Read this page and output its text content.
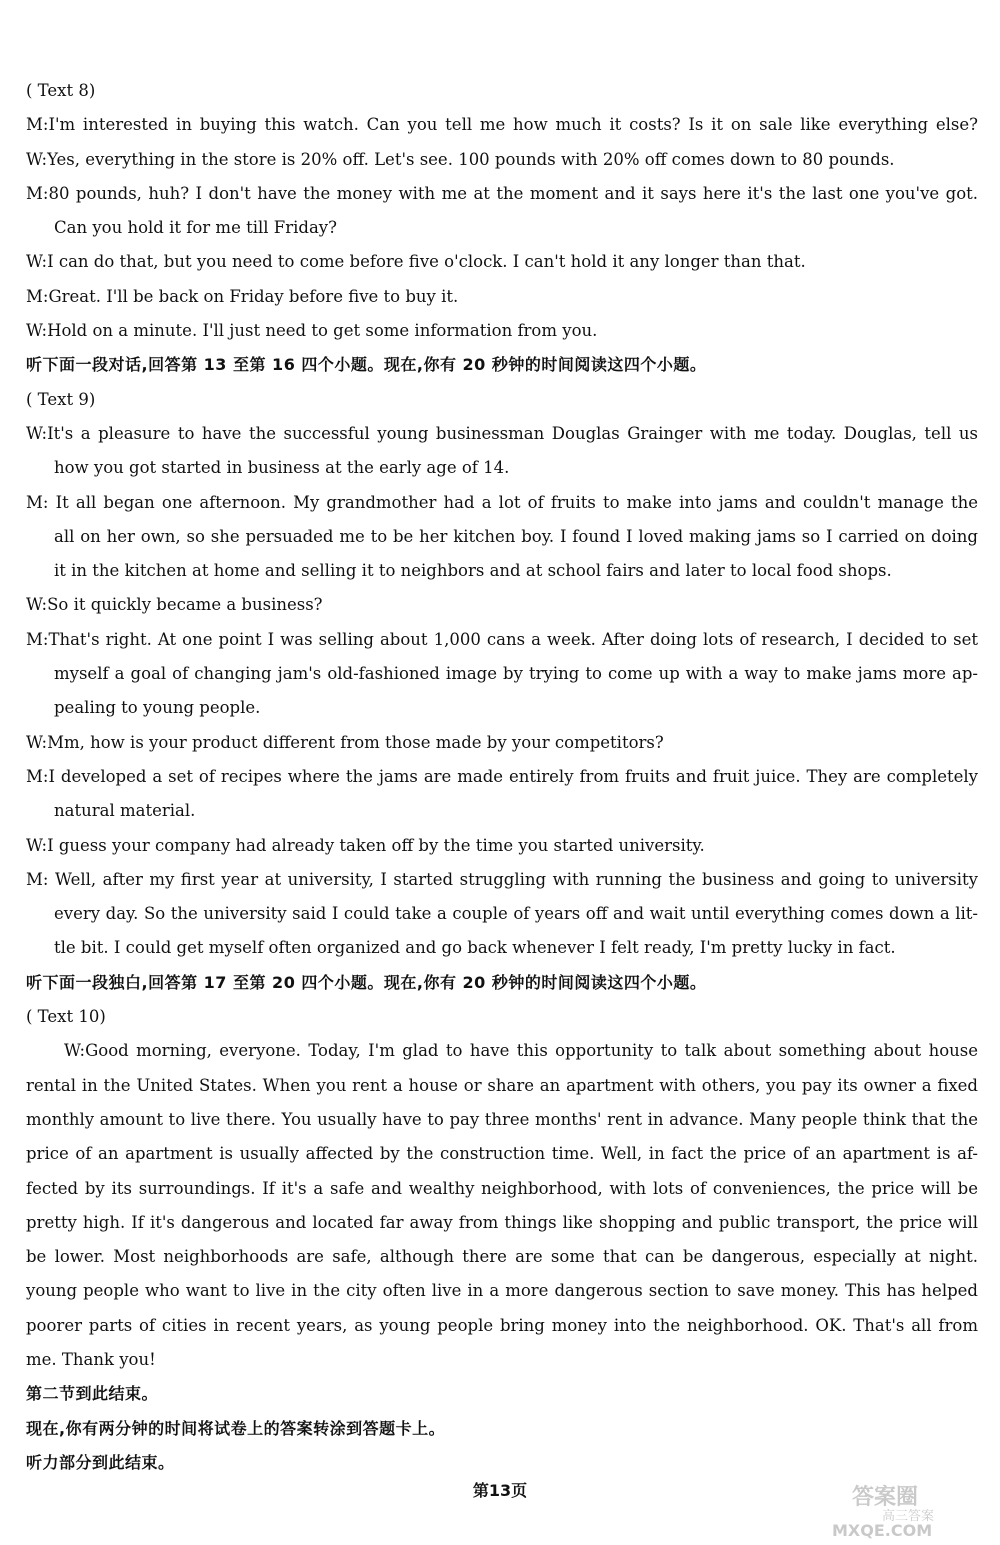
( Text 8)
M:I'm interested in buying this watch. Can you tell me how much it costs? Is it on sale like everything else?
W:Yes, everything in the store is 20% off. Let's see. 100 pounds with 20% off comes down to 80 pounds.
M:80 pounds, huh? I don't have the money with me at the moment and it says here it's the last one you've got.
Can you hold it for me till Friday?
W:I can do that, but you need to come before five o'clock. I can't hold it any longer than that.
M:Great. I'll be back on Friday before five to buy it.
W:Hold on a minute. I'll just need to get some information from you.
听下面一段对话,回答第 13 至第 16 四个小题。现在,你有 20 秒钟的时间阅读这四个小题。
( Text 9)
W:It's a pleasure to have the successful young businessman Douglas Grainger with me today. Douglas, tell us
how you got started in business at the early age of 14.
M: It all began one afternoon. My grandmother had a lot of fruits to make into jams and couldn't manage the
all on her own, so she persuaded me to be her kitchen boy. I found I loved making jams so I carried on doing
it in the kitchen at home and selling it to neighbors and at school fairs and later to local food shops.
W:So it quickly became a business?
M:That's right. At one point I was selling about 1,000 cans a week. After doing lots of research, I decided to set
myself a goal of changing jam's old-fashioned image by trying to come up with a way to make jams more ap-
pealing to young people.
W:Mm, how is your product different from those made by your competitors?
M:I developed a set of recipes where the jams are made entirely from fruits and fruit juice. They are completely
natural material.
W:I guess your company had already taken off by the time you started university.
M: Well, after my first year at university, I started struggling with running the business and going to university
every day. So the university said I could take a couple of years off and wait until everything comes down a lit-
tle bit. I could get myself often organized and go back whenever I felt ready, I'm pretty lucky in fact.
听下面一段独白,回答第 17 至第 20 四个小题。现在,你有 20 秒钟的时间阅读这四个小题。
( Text 10)
W:Good morning, everyone. Today, I'm glad to have this opportunity to talk about something about house
rental in the United States. When you rent a house or share an apartment with others, you pay its owner a fixed
monthly amount to live there. You usually have to pay three months' rent in advance. Many people think that the
price of an apartment is usually affected by the construction time. Well, in fact the price of an apartment is af-
fected by its surroundings. If it's a safe and wealthy neighborhood, with lots of conveniences, the price will be
pretty high. If it's dangerous and located far away from things like shopping and public transport, the price will
be lower. Most neighborhoods are safe, although there are some that can be dangerous, especially at night.
young people who want to live in the city often live in a more dangerous section to save money. This has helped
poorer parts of cities in recent years, as young people bring money into the neighborhood. OK. That's all from
me. Thank you!
第二节到此结束。
现在,你有两分钟的时间将试卷上的答案转涂到答题卡上。
听力部分到此结束。
第13页	答案圈
高三答案
MXQE.COM
